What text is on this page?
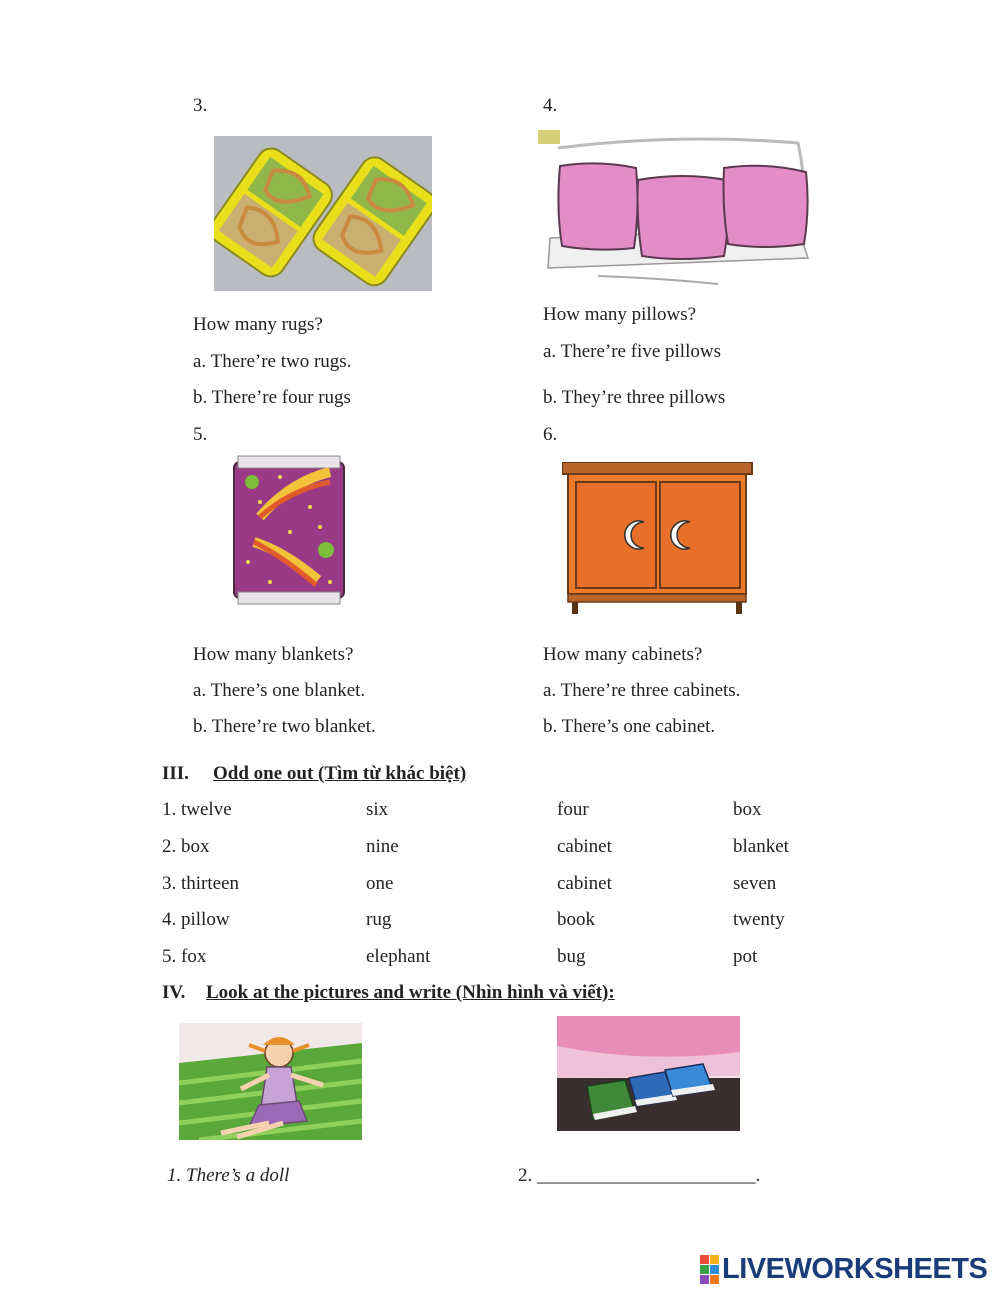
3.
How many rugs?
a. There’re two rugs.
b. There’re four rugs
4.
How many pillows?
a. There’re five pillows
b. They’re three pillows
5.
How many blankets?
a. There’s one blanket.
b. There’re two blanket.
6.
How many cabinets?
a. There’re three cabinets.
b. There’s one cabinet.
III. Odd one out (Tìm từ khác biệt)
1. twelve	six	four	box
2. box	nine	cabinet	blanket
3. thirteen	one	cabinet	seven
4. pillow	rug	book	twenty
5. fox	elephant	bug	pot
IV. Look at the pictures and write (Nhìn hình và viết):
1. There’s a doll	2. _______________________.
LIVEWORKSHEETS
